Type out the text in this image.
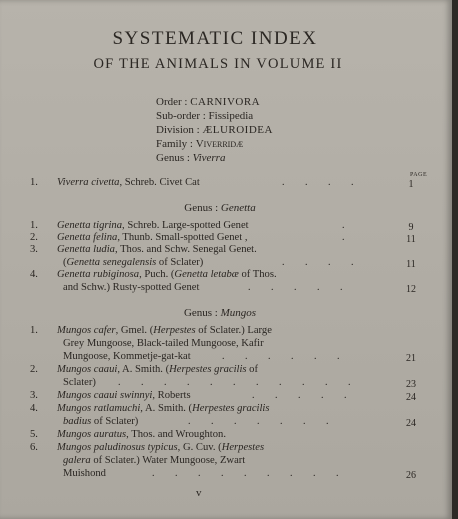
SYSTEMATIC INDEX
OF THE ANIMALS IN VOLUME II
Order : CARNIVORA
Sub-order : Fissipedia
Division : ÆLUROIDEA
Family : Viverridæ
Genus : Viverra
PAGE
1. Viverra civetta, Schreb. Civet Cat	. . . .	1
Genus : Genetta
1. Genetta tigrina, Schreb. Large-spotted Genet	.	9
2. Genetta felina, Thunb. Small-spotted Genet ,	.	11
3. Genetta ludia, Thos. and Schw. Senegal Genet.
(Genetta senegalensis of Sclater)	. . . .	11
4. Genetta rubiginosa, Puch. (Genetta letabæ of Thos.
and Schw.) Rusty-spotted Genet	. . . . .	12
Genus : Mungos
1. Mungos cafer, Gmel. (Herpestes of Sclater.) Large
Grey Mungoose, Black-tailed Mungoose, Kafir
Mungoose, Kommetje-gat-kat	. . . . . .	21
2. Mungos caaui, A. Smith. (Herpestes gracilis of
Sclater)	. . . . . . . . . . .	23
3. Mungos caaui swinnyi, Roberts	. . . . .	24
4. Mungos ratlamuchi, A. Smith. (Herpestes gracilis
badius of Sclater)	. . . . . . .	24
5. Mungos auratus, Thos. and Wroughton.
6. Mungos paludinosus typicus, G. Cuv. (Herpestes
galera of Sclater.) Water Mungoose, Zwart
Muishond	. . . . . . . . .	26
v
